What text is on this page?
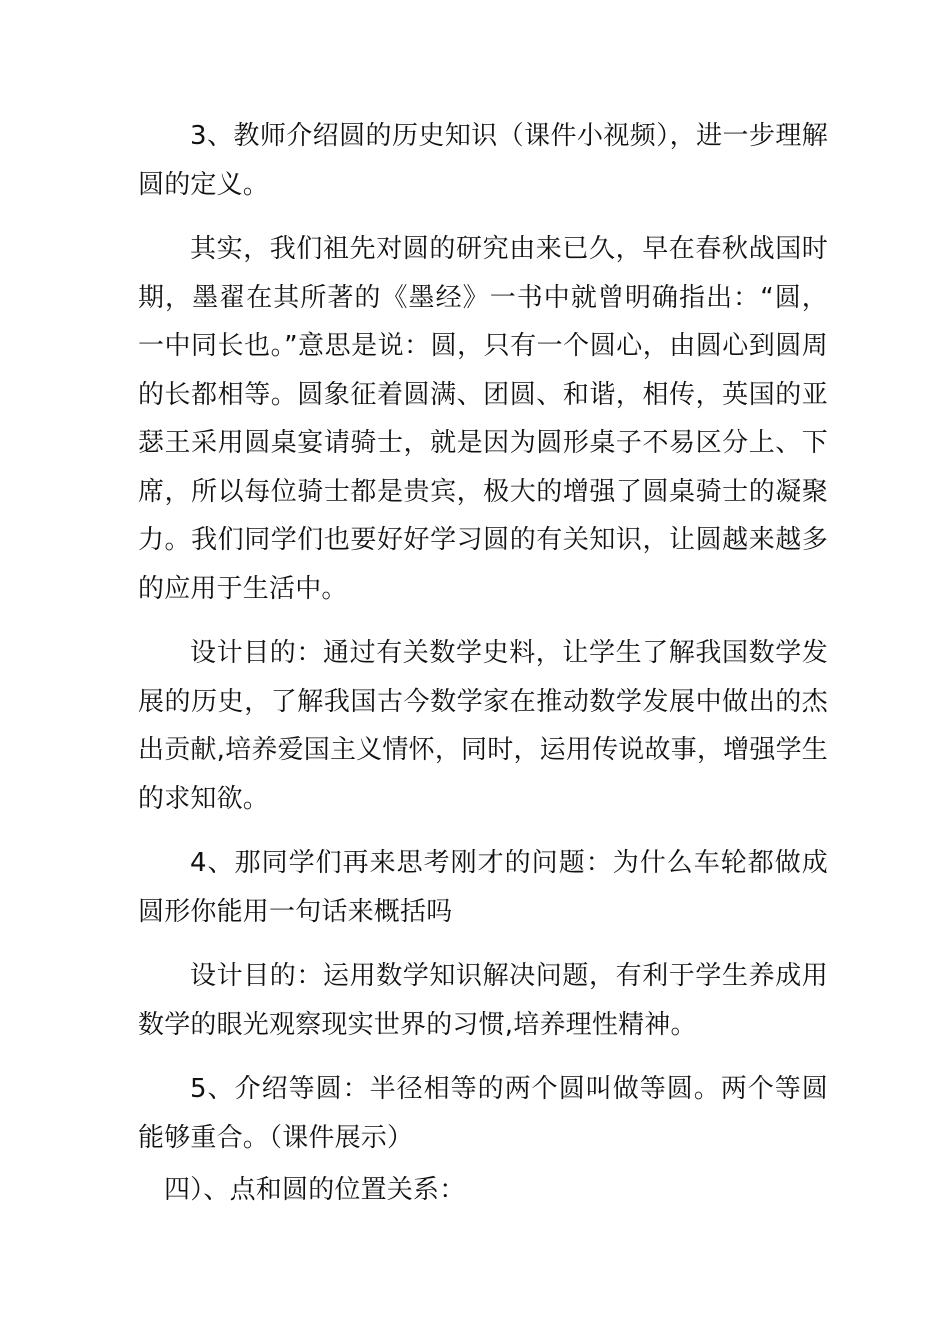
3、教师介绍圆的历史知识（课件小视频），进一步理解圆的定义。

其实，我们祖先对圆的研究由来已久，早在春秋战国时期，墨翟在其所著的《墨经》一书中就曾明确指出：“圆，一中同长也。”意思是说：圆，只有一个圆心，由圆心到圆周的长都相等。圆象征着圆满、团圆、和谐，相传，英国的亚瑟王采用圆桌宴请骑士，就是因为圆形桌子不易区分上、下席，所以每位骑士都是贵宾，极大的增强了圆桌骑士的凝聚力。我们同学们也要好好学习圆的有关知识，让圆越来越多的应用于生活中。

设计目的：通过有关数学史料，让学生了解我国数学发展的历史，了解我国古今数学家在推动数学发展中做出的杰出贡献,培养爱国主义情怀，同时，运用传说故事，增强学生的求知欲。

4、那同学们再来思考刚才的问题：为什么车轮都做成圆形你能用一句话来概括吗

设计目的：运用数学知识解决问题，有利于学生养成用数学的眼光观察现实世界的习惯,培养理性精神。

5、介绍等圆：半径相等的两个圆叫做等圆。两个等圆能够重合。（课件展示）

四）、点和圆的位置关系：
